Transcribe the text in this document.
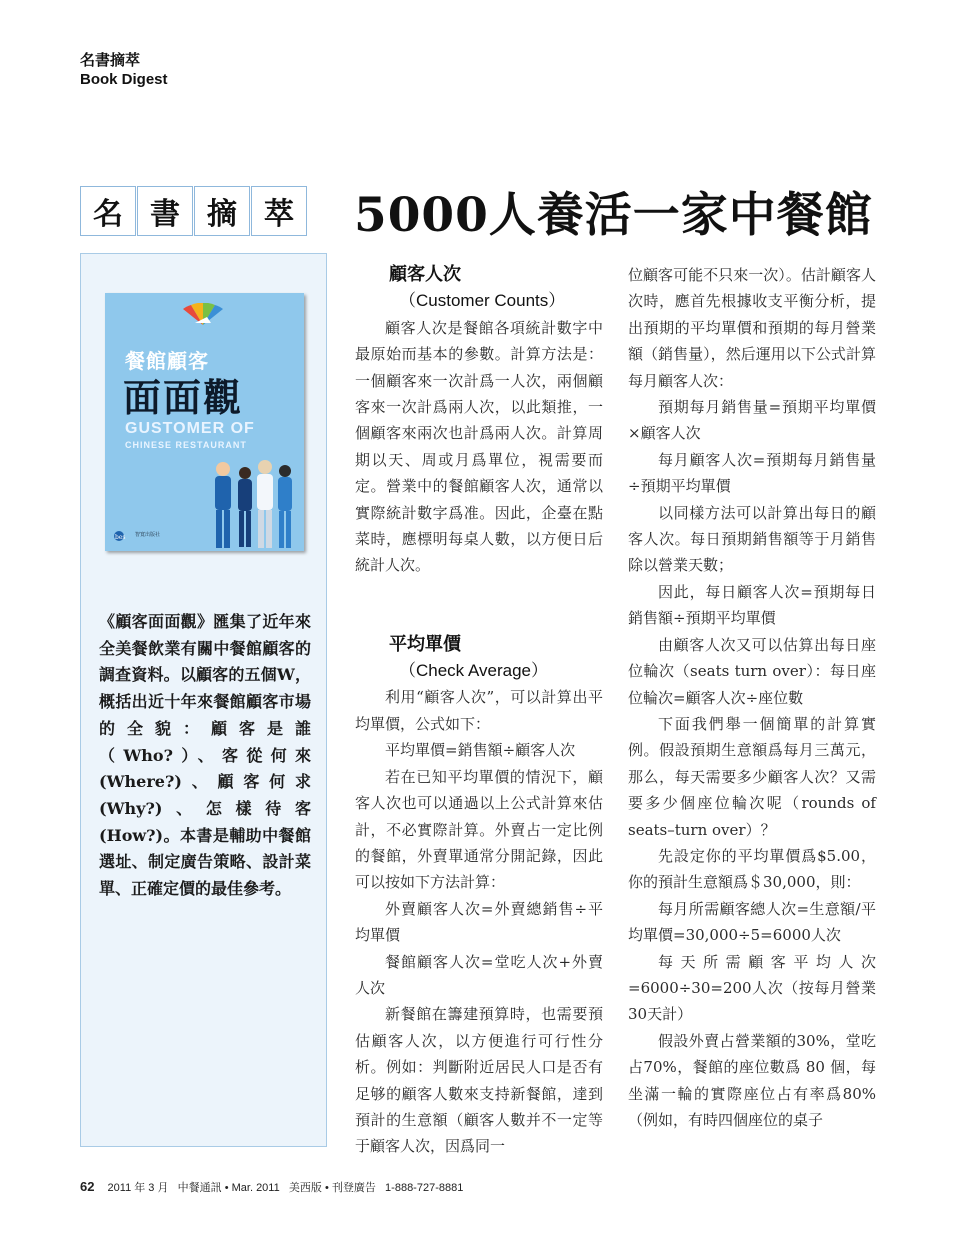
名書摘萃
Book Digest
名 書 摘 萃 5000人養活一家中餐館
餐館顧客
面面觀
GUSTOMER OF
CHINESE RESTAURANT
bes 智寬出版社
《顧客面面觀》匯集了近年來全美餐飲業有關中餐館顧客的調查資料。以顧客的五個W，概括出近十年來餐館顧客市場的全貌：顧客是誰（Who?）、客從何來(Where?)、顧客何求(Why?)、怎樣待客(How?)。本書是輔助中餐館選址、制定廣告策略、設計菜單、正確定價的最佳參考。
顧客人次
（Customer Counts）

顧客人次是餐館各項統計數字中最原始而基本的參數。計算方法是：一個顧客來一次計爲一人次，兩個顧客來一次計爲兩人次，以此類推，一個顧客來兩次也計爲兩人次。計算周期以天、周或月爲單位，視需要而定。營業中的餐館顧客人次，通常以實際統計數字爲准。因此，企臺在點菜時，應標明每桌人數，以方便日后統計人次。

平均單價
（Check Average）

利用“顧客人次”，可以計算出平均單價，公式如下：

平均單價=銷售額÷顧客人次

若在已知平均單價的情況下，顧客人次也可以通過以上公式計算來估計，不必實際計算。外賣占一定比例的餐館，外賣單通常分開記錄，因此可以按如下方法計算：

外賣顧客人次=外賣總銷售÷平均單價

餐館顧客人次=堂吃人次+外賣人次

新餐館在籌建預算時，也需要預估顧客人次，以方便進行可行性分析。例如：判斷附近居民人口是否有足够的顧客人數來支持新餐館，達到預計的生意額（顧客人數并不一定等于顧客人次，因爲同一

位顧客可能不只來一次）。估計顧客人次時，應首先根據收支平衡分析，提出預期的平均單價和預期的每月營業額（銷售量），然后運用以下公式計算每月顧客人次：

預期每月銷售量=預期平均單價×顧客人次

每月顧客人次=預期每月銷售量÷預期平均單價

以同樣方法可以計算出每日的顧客人次。每日預期銷售額等于月銷售除以營業天數；

因此，每日顧客人次=預期每日銷售額÷預期平均單價

由顧客人次又可以估算出每日座位輪次（seats turn over）：每日座位輪次=顧客人次÷座位數

下面我們舉一個簡單的計算實例。假設預期生意額爲每月三萬元，那么，每天需要多少顧客人次？又需要多少個座位輪次呢（rounds of seats–turn over）？

先設定你的平均單價爲$5.00，你的預計生意額爲＄30,000，則：

每月所需顧客總人次=生意額/平均單價=30,000÷5=6000人次

每天所需顧客平均人次=6000÷30=200人次（按每月營業30天計）

假設外賣占營業額的30%，堂吃占70%，餐館的座位數爲 80 個，每坐滿一輪的實際座位占有率爲80%（例如，有時四個座位的桌子

62 2011 年 3 月 中餐通訊 • Mar. 2011 美西版 • 刊登廣告 1-888-727-8881
